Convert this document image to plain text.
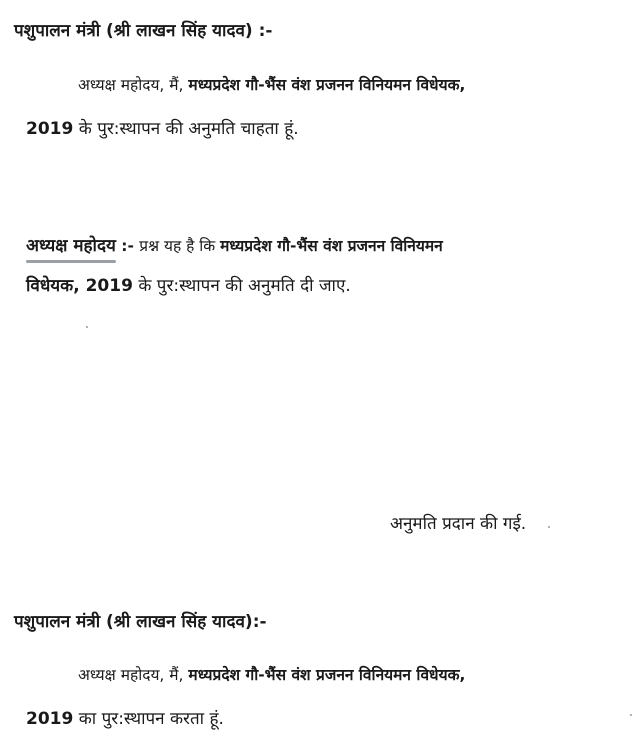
पशुपालन मंत्री (श्री लाखन सिंह यादव) :-
अध्यक्ष महोदय, मैं, मध्यप्रदेश गौ-भैंस वंश प्रजनन विनियमन विधेयक,
2019 के पुर:स्थापन की अनुमति चाहता हूं.
अध्यक्ष महोदय
:- प्रश्न यह है कि मध्यप्रदेश गौ-भैंस वंश प्रजनन विनियमन
विधेयक, 2019 के पुर:स्थापन की अनुमति दी जाए.
अनुमति प्रदान की गई.
पशुपालन मंत्री (श्री लाखन सिंह यादव):-
अध्यक्ष महोदय, मैं, मध्यप्रदेश गौ-भैंस वंश प्रजनन विनियमन विधेयक,
2019 का पुर:स्थापन करता हूं.
